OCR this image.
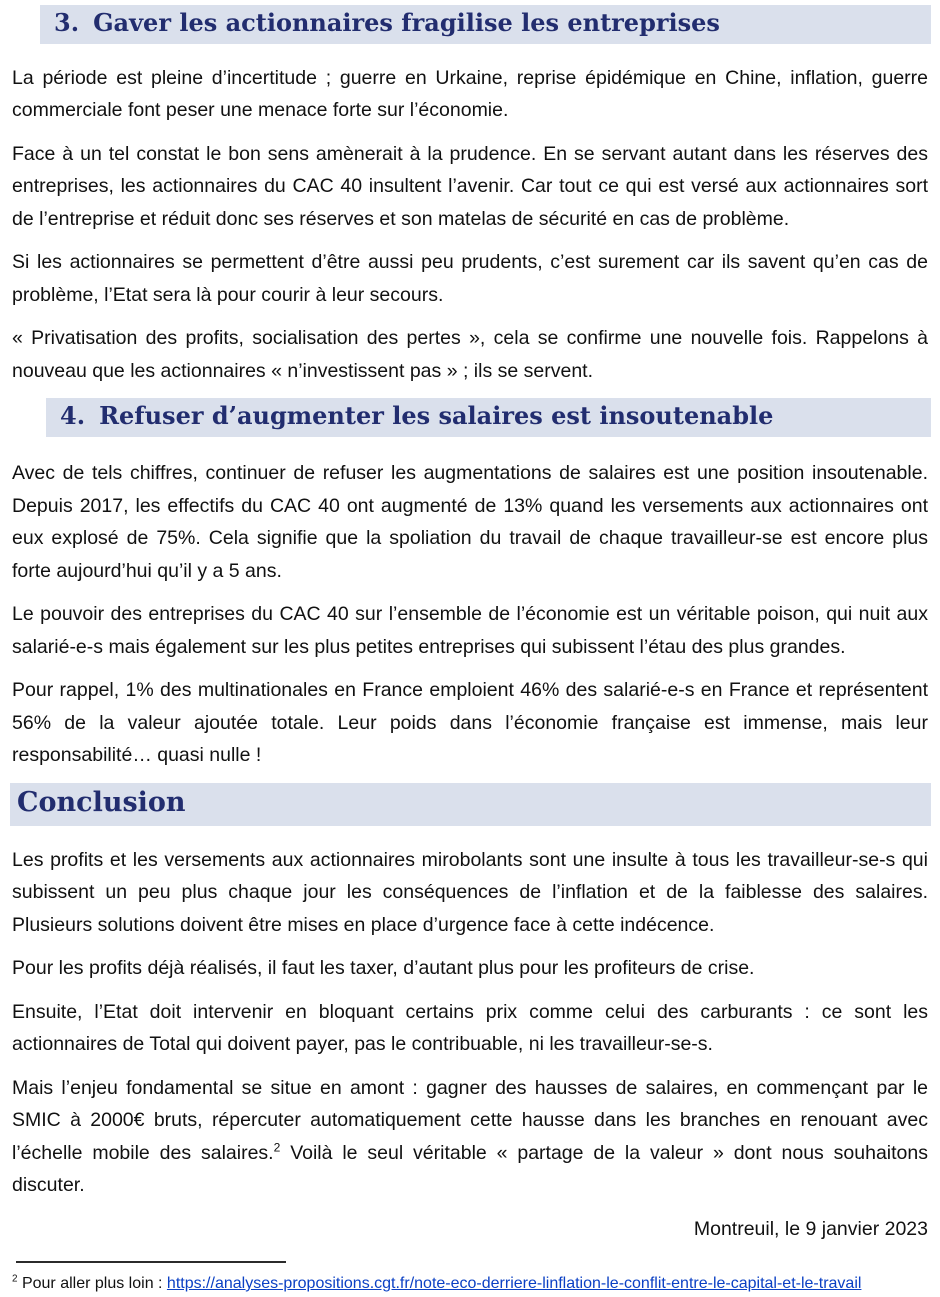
3. Gaver les actionnaires fragilise les entreprises

La période est pleine d’incertitude ; guerre en Urkaine, reprise épidémique en Chine, inflation, guerre commerciale font peser une menace forte sur l’économie.

Face à un tel constat le bon sens amènerait à la prudence. En se servant autant dans les réserves des entreprises, les actionnaires du CAC 40 insultent l’avenir. Car tout ce qui est versé aux actionnaires sort de l’entreprise et réduit donc ses réserves et son matelas de sécurité en cas de problème.

Si les actionnaires se permettent d’être aussi peu prudents, c’est surement car ils savent qu’en cas de problème, l’Etat sera là pour courir à leur secours.

« Privatisation des profits, socialisation des pertes », cela se confirme une nouvelle fois. Rappelons à nouveau que les actionnaires « n’investissent pas » ; ils se servent.

4. Refuser d’augmenter les salaires est insoutenable

Avec de tels chiffres, continuer de refuser les augmentations de salaires est une position insoutenable. Depuis 2017, les effectifs du CAC 40 ont augmenté de 13% quand les versements aux actionnaires ont eux explosé de 75%. Cela signifie que la spoliation du travail de chaque travailleur-se est encore plus forte aujourd’hui qu’il y a 5 ans.

Le pouvoir des entreprises du CAC 40 sur l’ensemble de l’économie est un véritable poison, qui nuit aux salarié-e-s mais également sur les plus petites entreprises qui subissent l’étau des plus grandes.

Pour rappel, 1% des multinationales en France emploient 46% des salarié-e-s en France et représentent 56% de la valeur ajoutée totale. Leur poids dans l’économie française est immense, mais leur responsabilité… quasi nulle !

Conclusion

Les profits et les versements aux actionnaires mirobolants sont une insulte à tous les travailleur-se-s qui subissent un peu plus chaque jour les conséquences de l’inflation et de la faiblesse des salaires. Plusieurs solutions doivent être mises en place d’urgence face à cette indécence.

Pour les profits déjà réalisés, il faut les taxer, d’autant plus pour les profiteurs de crise.

Ensuite, l’Etat doit intervenir en bloquant certains prix comme celui des carburants : ce sont les actionnaires de Total qui doivent payer, pas le contribuable, ni les travailleur-se-s.

Mais l’enjeu fondamental se situe en amont : gagner des hausses de salaires, en commençant par le SMIC à 2000€ bruts, répercuter automatiquement cette hausse dans les branches en renouant avec l’échelle mobile des salaires.$^2$ Voilà le seul véritable « partage de la valeur » dont nous souhaitons discuter.

Montreuil, le 9 janvier 2023

$^2$ Pour aller plus loin : https://analyses-propositions.cgt.fr/note-eco-derriere-linflation-le-conflit-entre-le-capital-et-le-travail
